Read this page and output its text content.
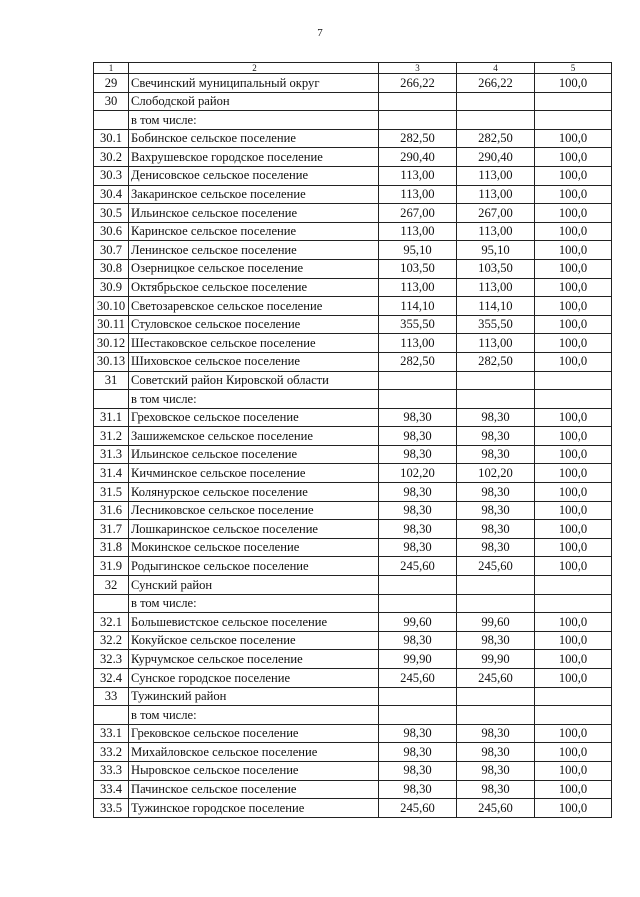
7
1	2	3	4	5
29	Свечинский муниципальный округ	266,22	266,22	100,0
30	Слободской район			
	в том числе:			
30.1	Бобинское сельское поселение	282,50	282,50	100,0
30.2	Вахрушевское городское поселение	290,40	290,40	100,0
30.3	Денисовское сельское поселение	113,00	113,00	100,0
30.4	Закаринское сельское поселение	113,00	113,00	100,0
30.5	Ильинское сельское поселение	267,00	267,00	100,0
30.6	Каринское сельское поселение	113,00	113,00	100,0
30.7	Ленинское сельское поселение	95,10	95,10	100,0
30.8	Озерницкое сельское поселение	103,50	103,50	100,0
30.9	Октябрьское сельское поселение	113,00	113,00	100,0
30.10	Светозаревское сельское поселение	114,10	114,10	100,0
30.11	Стуловское сельское поселение	355,50	355,50	100,0
30.12	Шестаковское сельское поселение	113,00	113,00	100,0
30.13	Шиховское сельское поселение	282,50	282,50	100,0
31	Советский район Кировской области			
	в том числе:			
31.1	Греховское сельское поселение	98,30	98,30	100,0
31.2	Зашижемское сельское поселение	98,30	98,30	100,0
31.3	Ильинское сельское поселение	98,30	98,30	100,0
31.4	Кичминское сельское поселение	102,20	102,20	100,0
31.5	Колянурское сельское поселение	98,30	98,30	100,0
31.6	Лесниковское сельское поселение	98,30	98,30	100,0
31.7	Лошкаринское сельское поселение	98,30	98,30	100,0
31.8	Мокинское сельское поселение	98,30	98,30	100,0
31.9	Родыгинское сельское поселение	245,60	245,60	100,0
32	Сунский район			
	в том числе:			
32.1	Большевистское сельское поселение	99,60	99,60	100,0
32.2	Кокуйское сельское поселение	98,30	98,30	100,0
32.3	Курчумское сельское поселение	99,90	99,90	100,0
32.4	Сунское городское поселение	245,60	245,60	100,0
33	Тужинский район			
	в том числе:			
33.1	Грековское сельское поселение	98,30	98,30	100,0
33.2	Михайловское сельское поселение	98,30	98,30	100,0
33.3	Ныровское сельское поселение	98,30	98,30	100,0
33.4	Пачинское сельское поселение	98,30	98,30	100,0
33.5	Тужинское городское поселение	245,60	245,60	100,0
